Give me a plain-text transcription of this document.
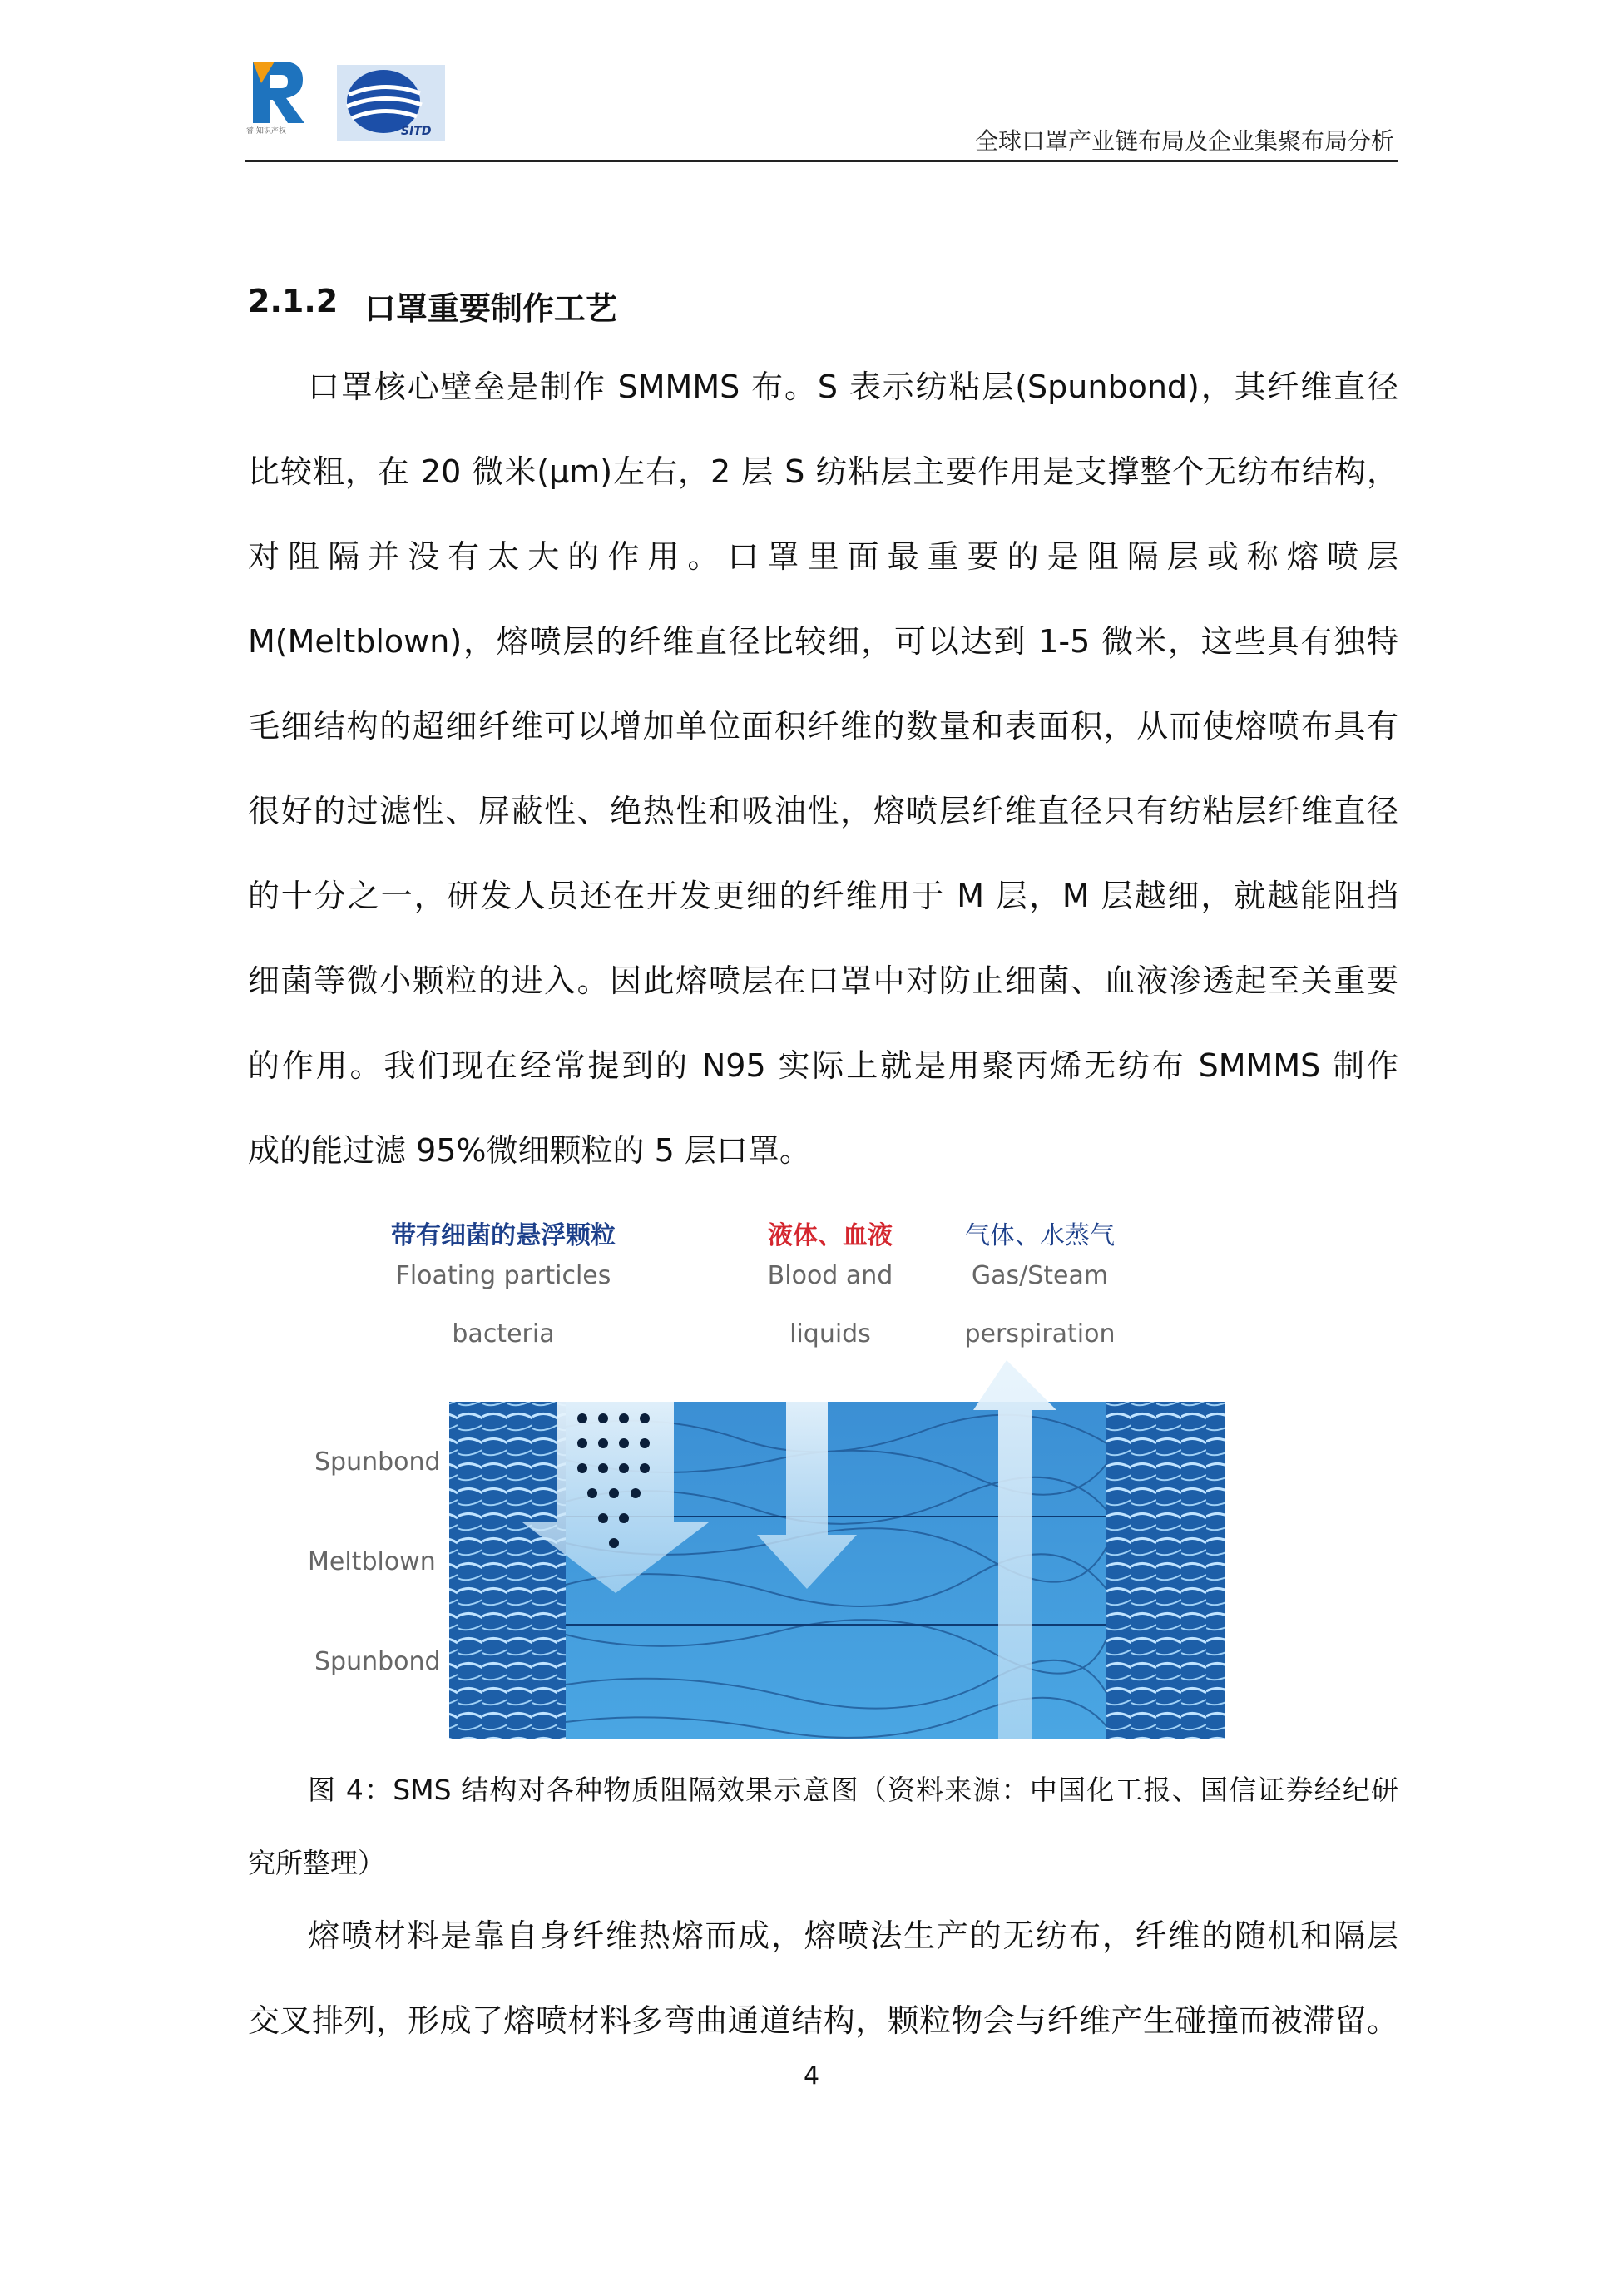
睿 知识产权	SITD	全球口罩产业链布局及企业集聚布局分析
2.1.2 口罩重要制作工艺
口罩核心壁垒是制作 SMMMS 布。S 表示纺粘层(Spunbond)，其纤维直径
比较粗，在 20 微米(μm)左右，2 层 S 纺粘层主要作用是支撑整个无纺布结构，
对阻隔并没有太大的作用。口罩里面最重要的是阻隔层或称熔喷层
M(Meltblown)，熔喷层的纤维直径比较细，可以达到 1-5 微米，这些具有独特
毛细结构的超细纤维可以增加单位面积纤维的数量和表面积，从而使熔喷布具有
很好的过滤性、屏蔽性、绝热性和吸油性，熔喷层纤维直径只有纺粘层纤维直径
的十分之一，研发人员还在开发更细的纤维用于 M 层，M 层越细，就越能阻挡
细菌等微小颗粒的进入。因此熔喷层在口罩中对防止细菌、血液渗透起至关重要
的作用。我们现在经常提到的 N95 实际上就是用聚丙烯无纺布 SMMMS 制作
成的能过滤 95%微细颗粒的 5 层口罩。
带有细菌的悬浮颗粒
Floating particles
bacteria
液体、血液
Blood and
liquids
气体、水蒸气
Gas/Steam
perspiration
Spunbond
Meltblown
Spunbond
图 4：SMS 结构对各种物质阻隔效果示意图（资料来源：中国化工报、国信证券经纪研
究所整理）
熔喷材料是靠自身纤维热熔而成，熔喷法生产的无纺布，纤维的随机和隔层
交叉排列，形成了熔喷材料多弯曲通道结构，颗粒物会与纤维产生碰撞而被滞留。
4
